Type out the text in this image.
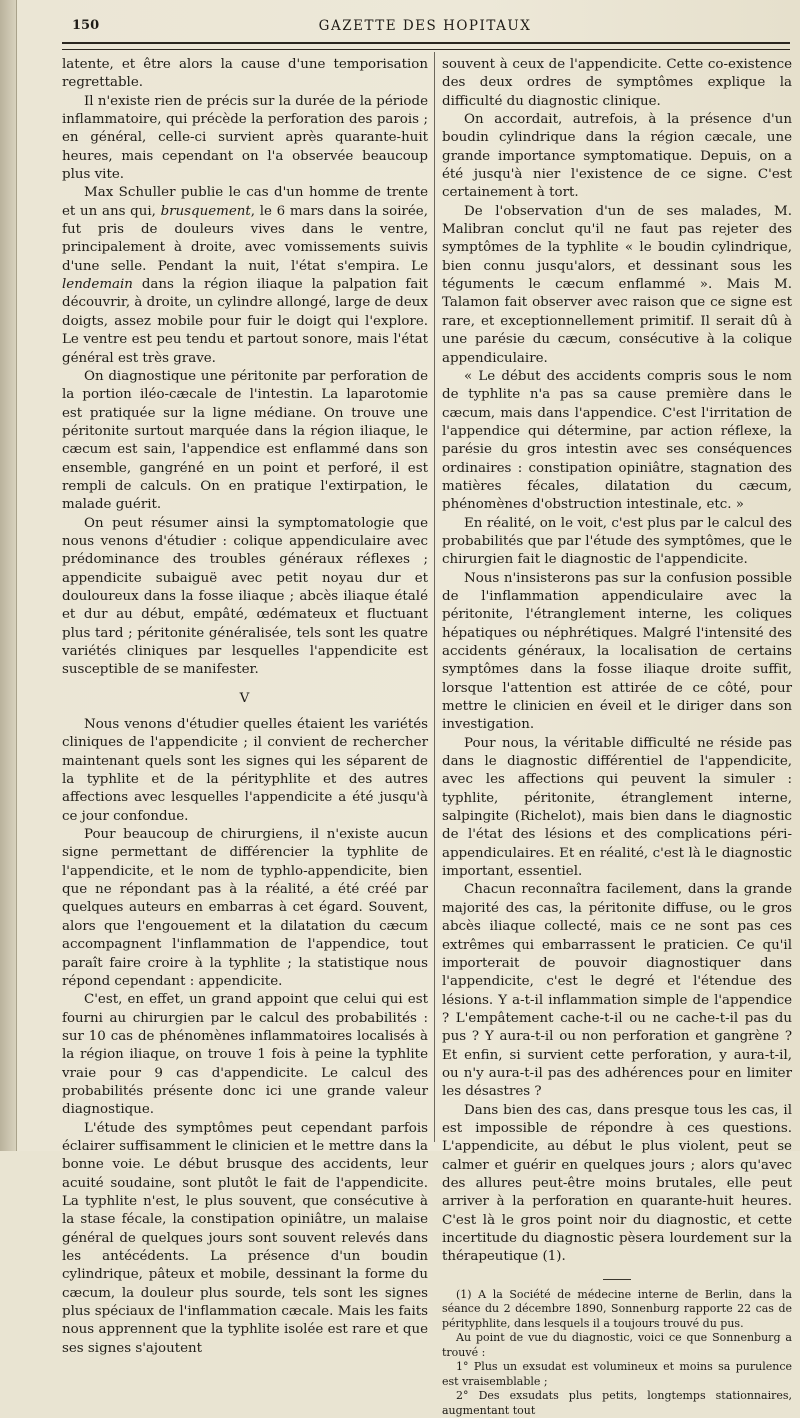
150	GAZETTE DES HOPITAUX

latente, et être alors la cause d'une temporisation regrettable.

Il n'existe rien de précis sur la durée de la période inflammatoire, qui précède la perforation des parois ; en général, celle-ci survient après quarante-huit heures, mais cependant on l'a observée beaucoup plus vite.

Max Schuller publie le cas d'un homme de trente et un ans qui, brusquement, le 6 mars dans la soirée, fut pris de douleurs vives dans le ventre, principalement à droite, avec vomissements suivis d'une selle. Pendant la nuit, l'état s'empira. Le lendemain dans la région iliaque la palpation fait découvrir, à droite, un cylindre allongé, large de deux doigts, assez mobile pour fuir le doigt qui l'explore. Le ventre est peu tendu et partout sonore, mais l'état général est très grave.

On diagnostique une péritonite par perforation de la portion iléo-cæcale de l'intestin. La laparotomie est pratiquée sur la ligne médiane. On trouve une péritonite surtout marquée dans la région iliaque, le cæcum est sain, l'appendice est enflammé dans son ensemble, gangréné en un point et perforé, il est rempli de calculs. On en pratique l'extirpation, le malade guérit.

On peut résumer ainsi la symptomatologie que nous venons d'étudier : colique appendiculaire avec prédominance des troubles généraux réflexes ; appendicite subaiguë avec petit noyau dur et douloureux dans la fosse iliaque ; abcès iliaque étalé et dur au début, empâté, œdémateux et fluctuant plus tard ; péritonite généralisée, tels sont les quatre variétés cliniques par lesquelles l'appendicite est susceptible de se manifester.

V

Nous venons d'étudier quelles étaient les variétés cliniques de l'appendicite ; il convient de rechercher maintenant quels sont les signes qui les séparent de la typhlite et de la pérityphlite et des autres affections avec lesquelles l'appendicite a été jusqu'à ce jour confondue.

Pour beaucoup de chirurgiens, il n'existe aucun signe permettant de différencier la typhlite de l'appendicite, et le nom de typhlo-appendicite, bien que ne répondant pas à la réalité, a été créé par quelques auteurs en embarras à cet égard. Souvent, alors que l'engouement et la dilatation du cæcum accompagnent l'inflammation de l'appendice, tout paraît faire croire à la typhlite ; la statistique nous répond cependant : appendicite.

C'est, en effet, un grand appoint que celui qui est fourni au chirurgien par le calcul des probabilités : sur 10 cas de phénomènes inflammatoires localisés à la région iliaque, on trouve 1 fois à peine la typhlite vraie pour 9 cas d'appendicite. Le calcul des probabilités présente donc ici une grande valeur diagnostique.

L'étude des symptômes peut cependant parfois éclairer suffisamment le clinicien et le mettre dans la bonne voie. Le début brusque des accidents, leur acuité soudaine, sont plutôt le fait de l'appendicite. La typhlite n'est, le plus souvent, que consécutive à la stase fécale, la constipation opiniâtre, un malaise général de quelques jours sont souvent relevés dans les antécédents. La présence d'un boudin cylindrique, pâteux et mobile, dessinant la forme du cæcum, la douleur plus sourde, tels sont les signes plus spéciaux de l'inflammation cæcale. Mais les faits nous apprennent que la typhlite isolée est rare et que ses signes s'ajoutent

souvent à ceux de l'appendicite. Cette co-existence des deux ordres de symptômes explique la difficulté du diagnostic clinique.

On accordait, autrefois, à la présence d'un boudin cylindrique dans la région cæcale, une grande importance symptomatique. Depuis, on a été jusqu'à nier l'existence de ce signe. C'est certainement à tort.

De l'observation d'un de ses malades, M. Malibran conclut qu'il ne faut pas rejeter des symptômes de la typhlite « le boudin cylindrique, bien connu jusqu'alors, et dessinant sous les téguments le cæcum enflammé ». Mais M. Talamon fait observer avec raison que ce signe est rare, et exceptionnellement primitif. Il serait dû à une parésie du cæcum, consécutive à la colique appendiculaire.

« Le début des accidents compris sous le nom de typhlite n'a pas sa cause première dans le cæcum, mais dans l'appendice. C'est l'irritation de l'appendice qui détermine, par action réflexe, la parésie du gros intestin avec ses conséquences ordinaires : constipation opiniâtre, stagnation des matières fécales, dilatation du cæcum, phénomènes d'obstruction intestinale, etc. »

En réalité, on le voit, c'est plus par le calcul des probabilités que par l'étude des symptômes, que le chirurgien fait le diagnostic de l'appendicite.

Nous n'insisterons pas sur la confusion possible de l'inflammation appendiculaire avec la péritonite, l'étranglement interne, les coliques hépatiques ou néphrétiques. Malgré l'intensité des accidents généraux, la localisation de certains symptômes dans la fosse iliaque droite suffit, lorsque l'attention est attirée de ce côté, pour mettre le clinicien en éveil et le diriger dans son investigation.

Pour nous, la véritable difficulté ne réside pas dans le diagnostic différentiel de l'appendicite, avec les affections qui peuvent la simuler : typhlite, péritonite, étranglement interne, salpingite (Richelot), mais bien dans le diagnostic de l'état des lésions et des complications péri-appendiculaires. Et en réalité, c'est là le diagnostic important, essentiel.

Chacun reconnaîtra facilement, dans la grande majorité des cas, la péritonite diffuse, ou le gros abcès iliaque collecté, mais ce ne sont pas ces extrêmes qui embarrassent le praticien. Ce qu'il importerait de pouvoir diagnostiquer dans l'appendicite, c'est le degré et l'étendue des lésions. Y a-t-il inflammation simple de l'appendice ? L'empâtement cache-t-il ou ne cache-t-il pas du pus ? Y aura-t-il ou non perforation et gangrène ? Et enfin, si survient cette perforation, y aura-t-il, ou n'y aura-t-il pas des adhérences pour en limiter les désastres ?

Dans bien des cas, dans presque tous les cas, il est impossible de répondre à ces questions. L'appendicite, au début le plus violent, peut se calmer et guérir en quelques jours ; alors qu'avec des allures peut-être moins brutales, elle peut arriver à la perforation en quarante-huit heures. C'est là le gros point noir du diagnostic, et cette incertitude du diagnostic pèsera lourdement sur la thérapeutique (1).

(1) A la Société de médecine interne de Berlin, dans la séance du 2 décembre 1890, Sonnenburg rapporte 22 cas de pérityphlite, dans lesquels il a toujours trouvé du pus.

Au point de vue du diagnostic, voici ce que Sonnenburg a trouvé :

1° Plus un exsudat est volumineux et moins sa purulence est vraisemblable ;

2° Des exsudats plus petits, longtemps stationnaires, augmentant tout
